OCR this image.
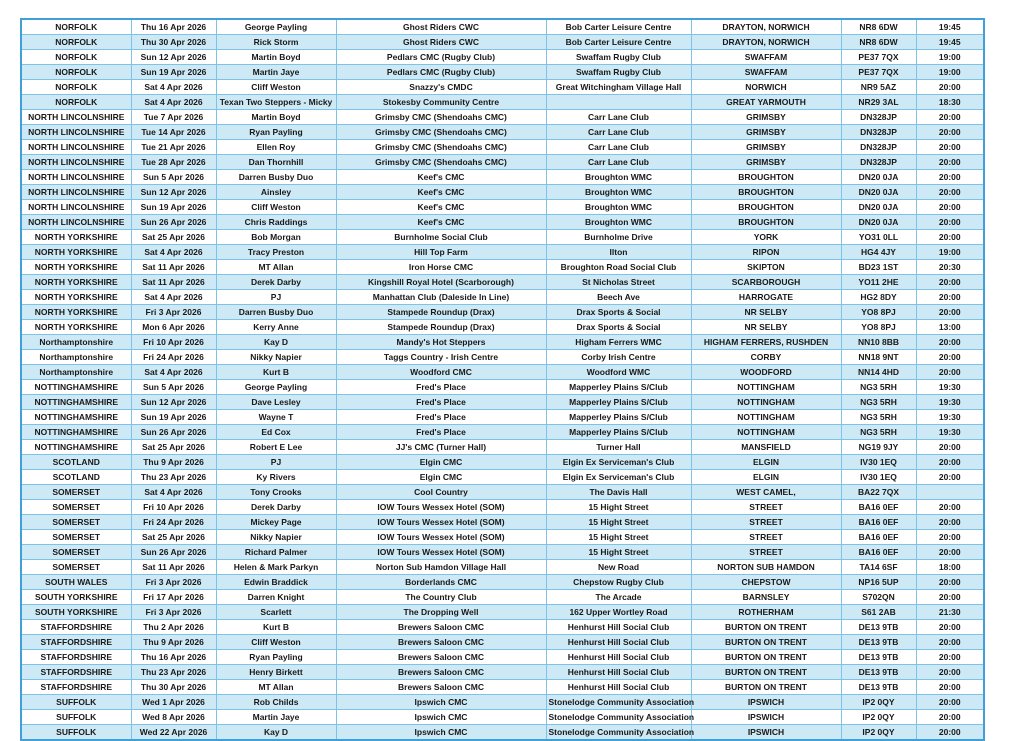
NORFOLK	Thu 16 Apr 2026	George Payling	Ghost Riders CWC	Bob Carter Leisure Centre	DRAYTON, NORWICH	NR8 6DW	19:45
NORFOLK	Thu 30 Apr 2026	Rick Storm	Ghost Riders CWC	Bob Carter Leisure Centre	DRAYTON, NORWICH	NR8 6DW	19:45
NORFOLK	Sun 12 Apr 2026	Martin Boyd	Pedlars CMC (Rugby Club)	Swaffam Rugby Club	SWAFFAM	PE37 7QX	19:00
NORFOLK	Sun 19 Apr 2026	Martin Jaye	Pedlars CMC (Rugby Club)	Swaffam Rugby Club	SWAFFAM	PE37 7QX	19:00
NORFOLK	Sat 4 Apr 2026	Cliff Weston	Snazzy's CMDC	Great Witchingham Village Hall	NORWICH	NR9 5AZ	20:00
NORFOLK	Sat 4 Apr 2026	Texan Two Steppers - Micky	Stokesby Community Centre		GREAT YARMOUTH	NR29 3AL	18:30
NORTH LINCOLNSHIRE	Tue 7 Apr 2026	Martin Boyd	Grimsby CMC (Shendoahs CMC)	Carr Lane Club	GRIMSBY	DN328JP	20:00
NORTH LINCOLNSHIRE	Tue 14 Apr 2026	Ryan Payling	Grimsby CMC (Shendoahs CMC)	Carr Lane Club	GRIMSBY	DN328JP	20:00
NORTH LINCOLNSHIRE	Tue 21 Apr 2026	Ellen Roy	Grimsby CMC (Shendoahs CMC)	Carr Lane Club	GRIMSBY	DN328JP	20:00
NORTH LINCOLNSHIRE	Tue 28 Apr 2026	Dan Thornhill	Grimsby CMC (Shendoahs CMC)	Carr Lane Club	GRIMSBY	DN328JP	20:00
NORTH LINCOLNSHIRE	Sun 5 Apr 2026	Darren Busby Duo	Keef's CMC	Broughton WMC	BROUGHTON	DN20 0JA	20:00
NORTH LINCOLNSHIRE	Sun 12 Apr 2026	Ainsley	Keef's CMC	Broughton WMC	BROUGHTON	DN20 0JA	20:00
NORTH LINCOLNSHIRE	Sun 19 Apr 2026	Cliff Weston	Keef's CMC	Broughton WMC	BROUGHTON	DN20 0JA	20:00
NORTH LINCOLNSHIRE	Sun 26 Apr 2026	Chris Raddings	Keef's CMC	Broughton WMC	BROUGHTON	DN20 0JA	20:00
NORTH YORKSHIRE	Sat 25 Apr 2026	Bob Morgan	Burnholme Social Club	Burnholme Drive	YORK	YO31 0LL	20:00
NORTH YORKSHIRE	Sat 4 Apr 2026	Tracy Preston	Hill Top Farm	Ilton	RIPON	HG4 4JY	19:00
NORTH YORKSHIRE	Sat 11 Apr 2026	MT Allan	Iron Horse CMC	Broughton Road Social Club	SKIPTON	BD23 1ST	20:30
NORTH YORKSHIRE	Sat 11 Apr 2026	Derek Darby	Kingshill Royal Hotel (Scarborough)	St Nicholas Street	SCARBOROUGH	YO11 2HE	20:00
NORTH YORKSHIRE	Sat 4 Apr 2026	PJ	Manhattan Club (Daleside In Line)	Beech Ave	HARROGATE	HG2 8DY	20:00
NORTH YORKSHIRE	Fri 3 Apr 2026	Darren Busby Duo	Stampede Roundup (Drax)	Drax Sports & Social	NR SELBY	YO8 8PJ	20:00
NORTH YORKSHIRE	Mon 6 Apr 2026	Kerry Anne	Stampede Roundup (Drax)	Drax Sports & Social	NR SELBY	YO8 8PJ	13:00
Northamptonshire	Fri 10 Apr 2026	Kay D	Mandy's Hot Steppers	Higham Ferrers WMC	HIGHAM FERRERS, RUSHDEN	NN10 8BB	20:00
Northamptonshire	Fri 24 Apr 2026	Nikky Napier	Taggs Country - Irish Centre	Corby Irish Centre	CORBY	NN18 9NT	20:00
Northamptonshire	Sat 4 Apr 2026	Kurt B	Woodford CMC	Woodford WMC	WOODFORD	NN14 4HD	20:00
NOTTINGHAMSHIRE	Sun 5 Apr 2026	George Payling	Fred's Place	Mapperley Plains S/Club	NOTTINGHAM	NG3 5RH	19:30
NOTTINGHAMSHIRE	Sun 12 Apr 2026	Dave Lesley	Fred's Place	Mapperley Plains S/Club	NOTTINGHAM	NG3 5RH	19:30
NOTTINGHAMSHIRE	Sun 19 Apr 2026	Wayne T	Fred's Place	Mapperley Plains S/Club	NOTTINGHAM	NG3 5RH	19:30
NOTTINGHAMSHIRE	Sun 26 Apr 2026	Ed Cox	Fred's Place	Mapperley Plains S/Club	NOTTINGHAM	NG3 5RH	19:30
NOTTINGHAMSHIRE	Sat 25 Apr 2026	Robert E Lee	JJ's CMC (Turner Hall)	Turner Hall	MANSFIELD	NG19 9JY	20:00
SCOTLAND	Thu 9 Apr 2026	PJ	Elgin CMC	Elgin Ex Serviceman's Club	ELGIN	IV30 1EQ	20:00
SCOTLAND	Thu 23 Apr 2026	Ky Rivers	Elgin CMC	Elgin Ex Serviceman's Club	ELGIN	IV30 1EQ	20:00
SOMERSET	Sat 4 Apr 2026	Tony Crooks	Cool Country	The Davis Hall	WEST CAMEL,	BA22 7QX	
SOMERSET	Fri 10 Apr 2026	Derek Darby	IOW Tours Wessex Hotel (SOM)	15 Hight Street	STREET	BA16 0EF	20:00
SOMERSET	Fri 24 Apr 2026	Mickey Page	IOW Tours Wessex Hotel (SOM)	15 Hight Street	STREET	BA16 0EF	20:00
SOMERSET	Sat 25 Apr 2026	Nikky Napier	IOW Tours Wessex Hotel (SOM)	15 Hight Street	STREET	BA16 0EF	20:00
SOMERSET	Sun 26 Apr 2026	Richard Palmer	IOW Tours Wessex Hotel (SOM)	15 Hight Street	STREET	BA16 0EF	20:00
SOMERSET	Sat 11 Apr 2026	Helen & Mark Parkyn	Norton Sub Hamdon Village Hall	New Road	NORTON SUB HAMDON	TA14 6SF	18:00
SOUTH WALES	Fri 3 Apr 2026	Edwin Braddick	Borderlands CMC	Chepstow Rugby Club	CHEPSTOW	NP16 5UP	20:00
SOUTH YORKSHIRE	Fri 17 Apr 2026	Darren Knight	The Country Club	The Arcade	BARNSLEY	S702QN	20:00
SOUTH YORKSHIRE	Fri 3 Apr 2026	Scarlett	The Dropping Well	162 Upper Wortley Road	ROTHERHAM	S61 2AB	21:30
STAFFORDSHIRE	Thu 2 Apr 2026	Kurt B	Brewers Saloon CMC	Henhurst Hill Social Club	BURTON ON TRENT	DE13 9TB	20:00
STAFFORDSHIRE	Thu 9 Apr 2026	Cliff Weston	Brewers Saloon CMC	Henhurst Hill Social Club	BURTON ON TRENT	DE13 9TB	20:00
STAFFORDSHIRE	Thu 16 Apr 2026	Ryan Payling	Brewers Saloon CMC	Henhurst Hill Social Club	BURTON ON TRENT	DE13 9TB	20:00
STAFFORDSHIRE	Thu 23 Apr 2026	Henry Birkett	Brewers Saloon CMC	Henhurst Hill Social Club	BURTON ON TRENT	DE13 9TB	20:00
STAFFORDSHIRE	Thu 30 Apr 2026	MT Allan	Brewers Saloon CMC	Henhurst Hill Social Club	BURTON ON TRENT	DE13 9TB	20:00
SUFFOLK	Wed 1 Apr 2026	Rob Childs	Ipswich CMC	Stonelodge Community Association	IPSWICH	IP2 0QY	20:00
SUFFOLK	Wed 8 Apr 2026	Martin Jaye	Ipswich CMC	Stonelodge Community Association	IPSWICH	IP2 0QY	20:00
SUFFOLK	Wed 22 Apr 2026	Kay D	Ipswich CMC	Stonelodge Community Association	IPSWICH	IP2 0QY	20:00
